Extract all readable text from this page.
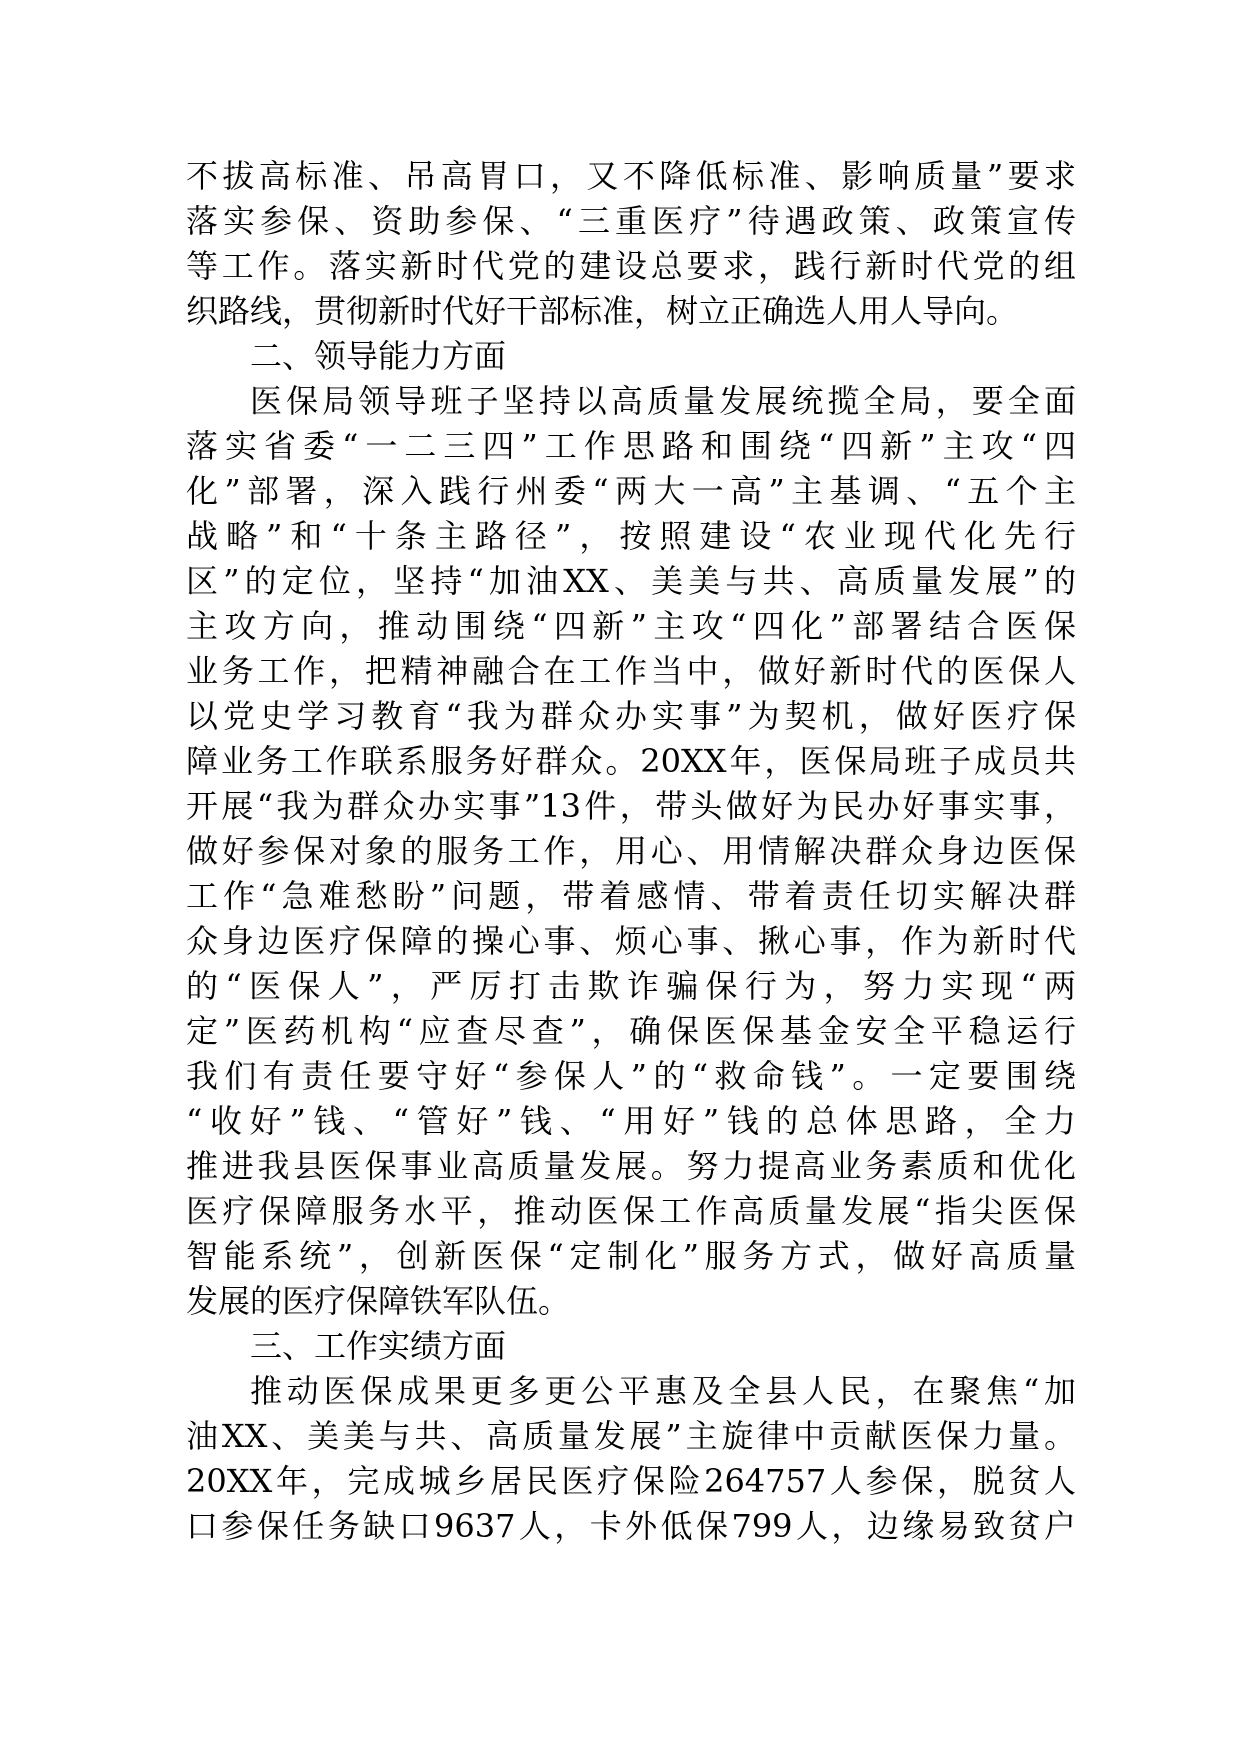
不拔高标准、吊高胃口，又不降低标准、影响质量”要求
落实参保、资助参保、“三重医疗”待遇政策、政策宣传
等工作。落实新时代党的建设总要求，践行新时代党的组
织路线，贯彻新时代好干部标准，树立正确选人用人导向。
二、领导能力方面
医保局领导班子坚持以高质量发展统揽全局，要全面
落实省委“一二三四”工作思路和围绕“四新”主攻“四
化”部署，深入践行州委“两大一高”主基调、“五个主
战略”和“十条主路径”，按照建设“农业现代化先行
区”的定位，坚持“加油XX、美美与共、高质量发展”的
主攻方向，推动围绕“四新”主攻“四化”部署结合医保
业务工作，把精神融合在工作当中，做好新时代的医保人
以党史学习教育“我为群众办实事”为契机，做好医疗保
障业务工作联系服务好群众。20XX年，医保局班子成员共
开展“我为群众办实事”13件，带头做好为民办好事实事，
做好参保对象的服务工作，用心、用情解决群众身边医保
工作“急难愁盼”问题，带着感情、带着责任切实解决群
众身边医疗保障的操心事、烦心事、揪心事，作为新时代
的“医保人”，严厉打击欺诈骗保行为，努力实现“两
定”医药机构“应查尽查”，确保医保基金安全平稳运行
我们有责任要守好“参保人”的“救命钱”。一定要围绕
“收好”钱、“管好”钱、“用好”钱的总体思路，全力
推进我县医保事业高质量发展。努力提高业务素质和优化
医疗保障服务水平，推动医保工作高质量发展“指尖医保
智能系统”，创新医保“定制化”服务方式，做好高质量
发展的医疗保障铁军队伍。
三、工作实绩方面
推动医保成果更多更公平惠及全县人民，在聚焦“加
油XX、美美与共、高质量发展”主旋律中贡献医保力量。
20XX年，完成城乡居民医疗保险264757人参保，脱贫人
口参保任务缺口9637人，卡外低保799人，边缘易致贫户
